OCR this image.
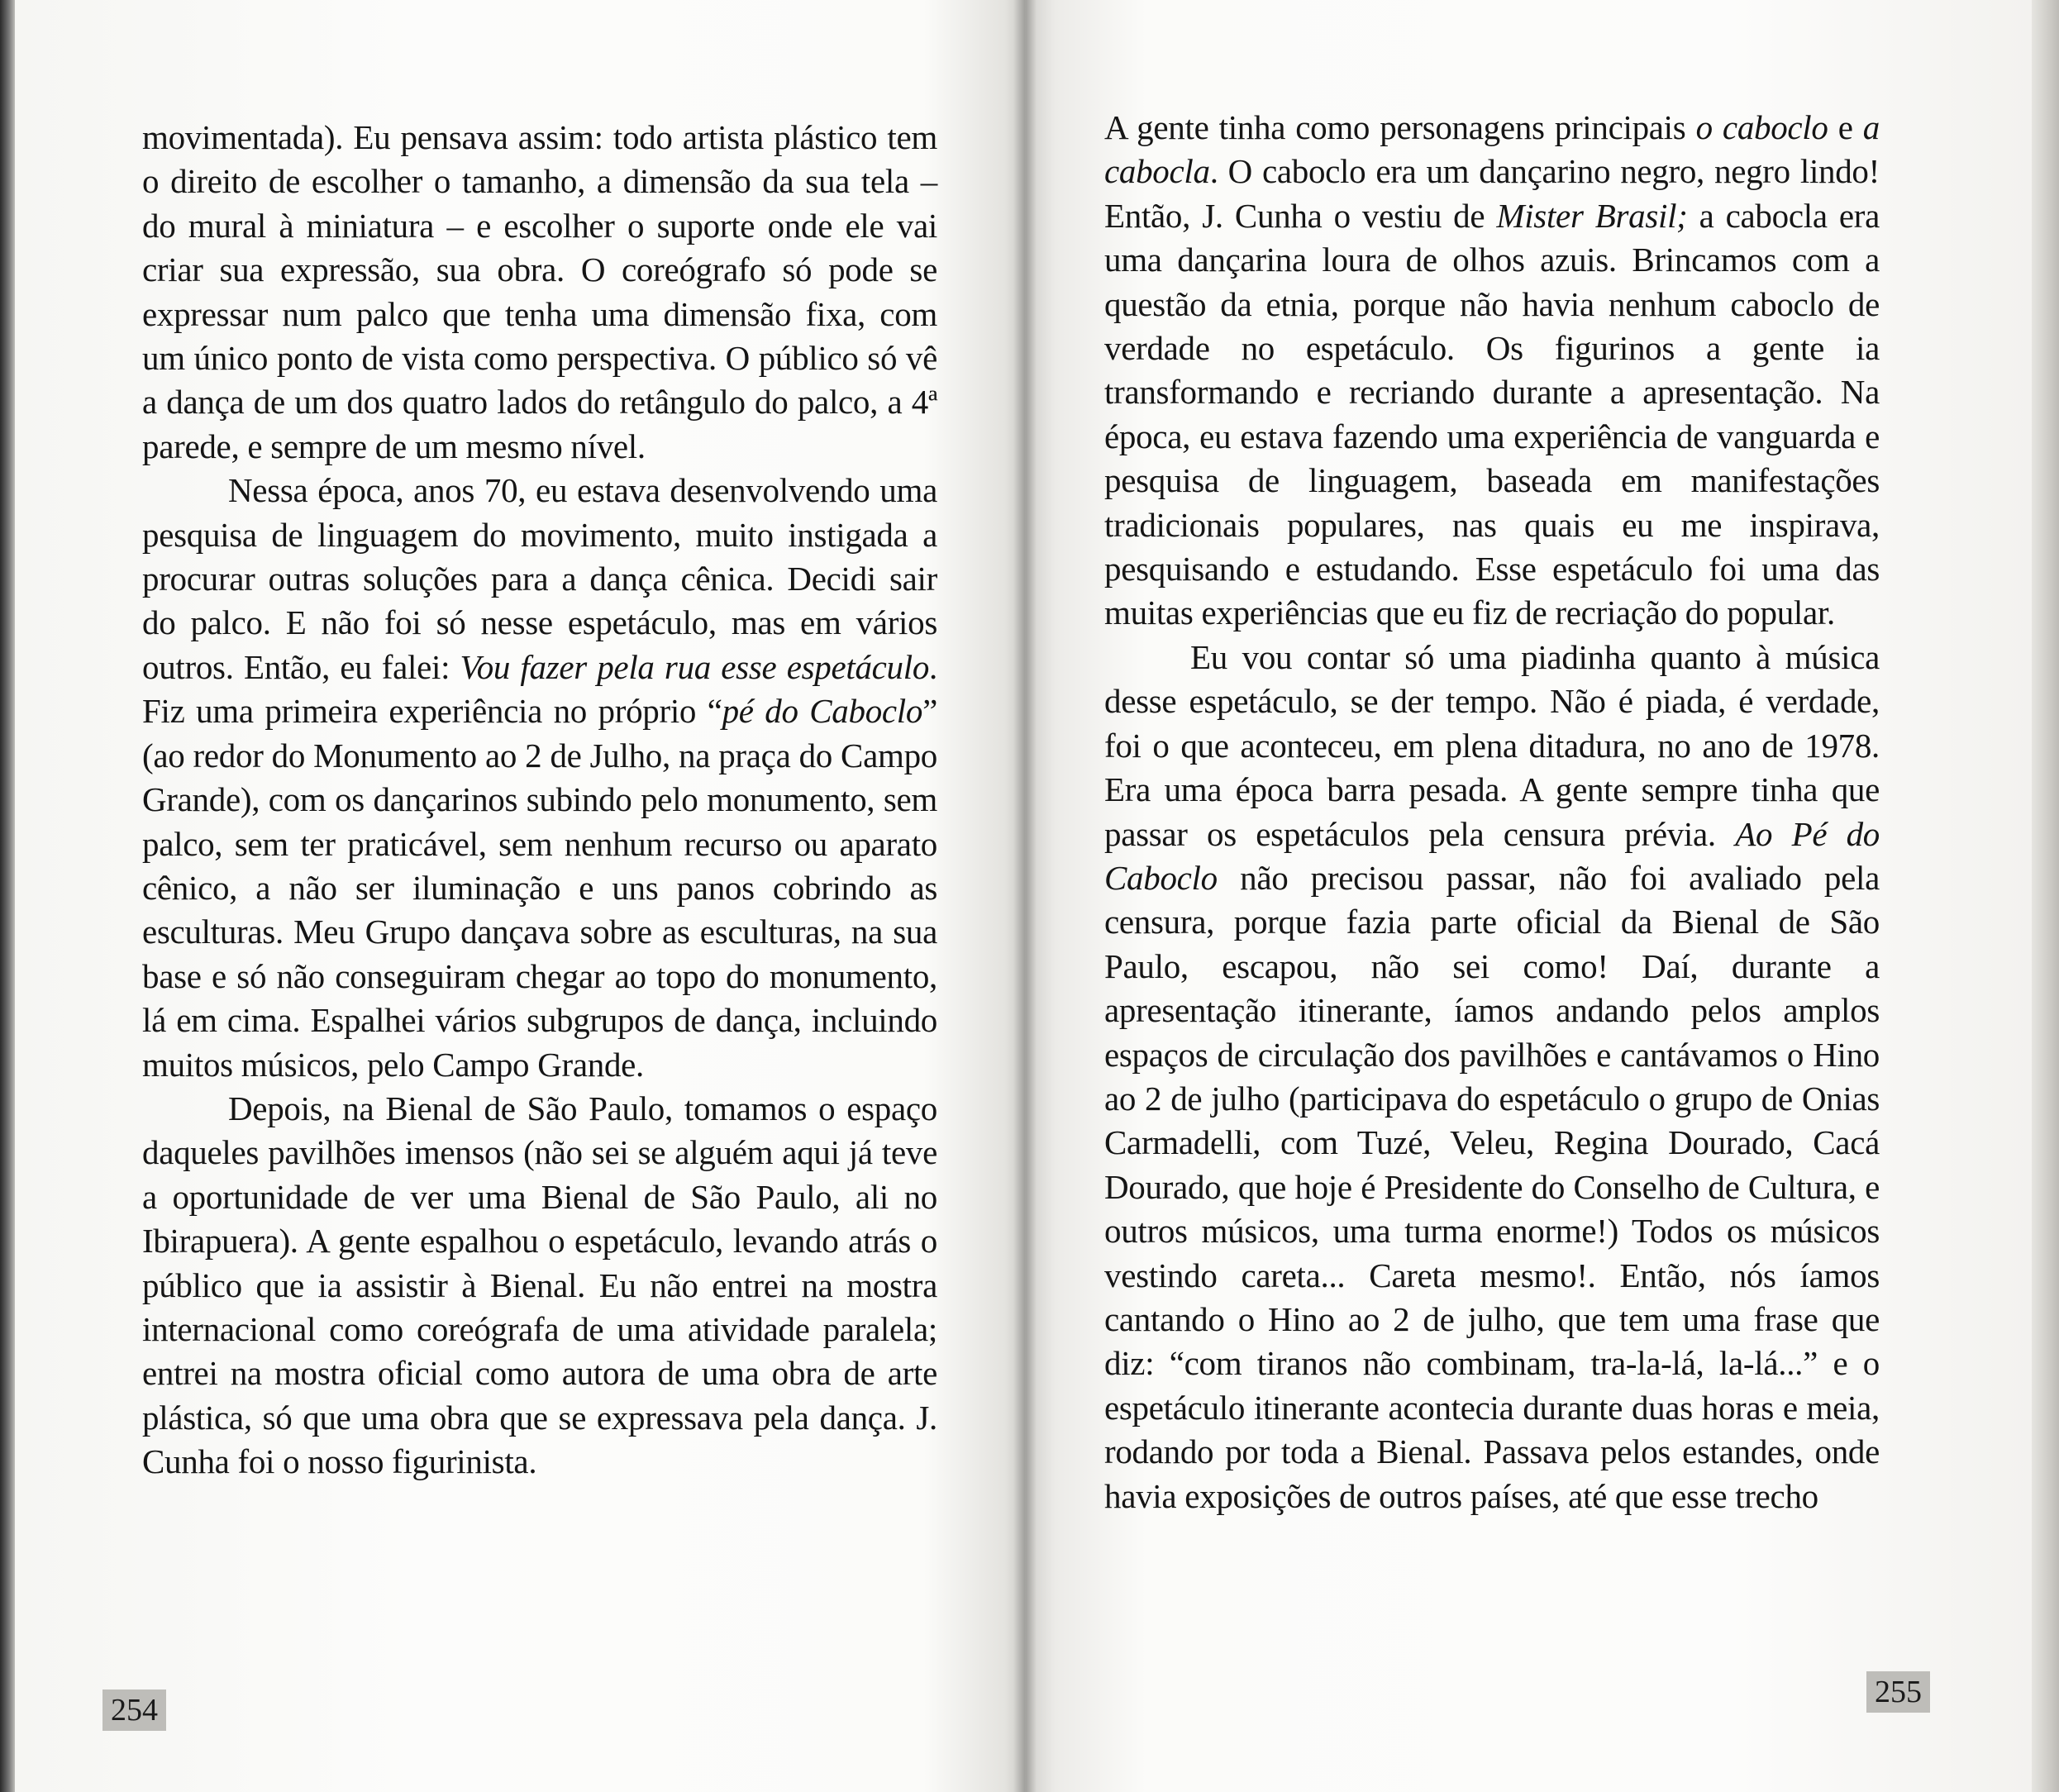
movimentada). Eu pensava assim: todo artista plástico tem o direito de escolher o tamanho, a dimensão da sua tela – do mural à miniatura – e escolher o suporte onde ele vai criar sua expressão, sua obra. O coreógrafo só pode se expressar num palco que tenha uma dimensão fixa, com um único ponto de vista como perspectiva. O público só vê a dança de um dos quatro lados do retângulo do palco, a 4ª parede, e sempre de um mesmo nível.

Nessa época, anos 70, eu estava desenvolvendo uma pesquisa de linguagem do movimento, muito instigada a procurar outras soluções para a dança cênica. Decidi sair do palco. E não foi só nesse espetáculo, mas em vários outros. Então, eu falei: Vou fazer pela rua esse espetáculo. Fiz uma primeira experiência no próprio “pé do Caboclo” (ao redor do Monumento ao 2 de Julho, na praça do Campo Grande), com os dançarinos subindo pelo monumento, sem palco, sem ter praticável, sem nenhum recurso ou aparato cênico, a não ser iluminação e uns panos cobrindo as esculturas. Meu Grupo dançava sobre as esculturas, na sua base e só não conseguiram chegar ao topo do monumento, lá em cima. Espalhei vários subgrupos de dança, incluindo muitos músicos, pelo Campo Grande.

Depois, na Bienal de São Paulo, tomamos o espaço daqueles pavilhões imensos (não sei se alguém aqui já teve a oportunidade de ver uma Bienal de São Paulo, ali no Ibirapuera). A gente espalhou o espetáculo, levando atrás o público que ia assistir à Bienal. Eu não entrei na mostra internacional como coreógrafa de uma atividade paralela; entrei na mostra oficial como autora de uma obra de arte plástica, só que uma obra que se expressava pela dança. J. Cunha foi o nosso figurinista.

A gente tinha como personagens principais o caboclo e a cabocla. O caboclo era um dançarino negro, negro lindo! Então, J. Cunha o vestiu de Mister Brasil; a cabocla era uma dançarina loura de olhos azuis. Brincamos com a questão da etnia, porque não havia nenhum caboclo de verdade no espetáculo. Os figurinos a gente ia transformando e recriando durante a apresentação. Na época, eu estava fazendo uma experiência de vanguarda e pesquisa de linguagem, baseada em manifestações tradicionais populares, nas quais eu me inspirava, pesquisando e estudando. Esse espetáculo foi uma das muitas experiências que eu fiz de recriação do popular.

Eu vou contar só uma piadinha quanto à música desse espetáculo, se der tempo. Não é piada, é verdade, foi o que aconteceu, em plena ditadura, no ano de 1978. Era uma época barra pesada. A gente sempre tinha que passar os espetáculos pela censura prévia. Ao Pé do Caboclo não precisou passar, não foi avaliado pela censura, porque fazia parte oficial da Bienal de São Paulo, escapou, não sei como! Daí, durante a apresentação itinerante, íamos andando pelos amplos espaços de circulação dos pavilhões e cantávamos o Hino ao 2 de julho (participava do espetáculo o grupo de Onias Carmadelli, com Tuzé, Veleu, Regina Dourado, Cacá Dourado, que hoje é Presidente do Conselho de Cultura, e outros músicos, uma turma enorme!) Todos os músicos vestindo careta... Careta mesmo!. Então, nós íamos cantando o Hino ao 2 de julho, que tem uma frase que diz: “com tiranos não combinam, tra-la-lá, la-lá...” e o espetáculo itinerante acontecia durante duas horas e meia, rodando por toda a Bienal. Passava pelos estandes, onde havia exposições de outros países, até que esse trecho

254
255
